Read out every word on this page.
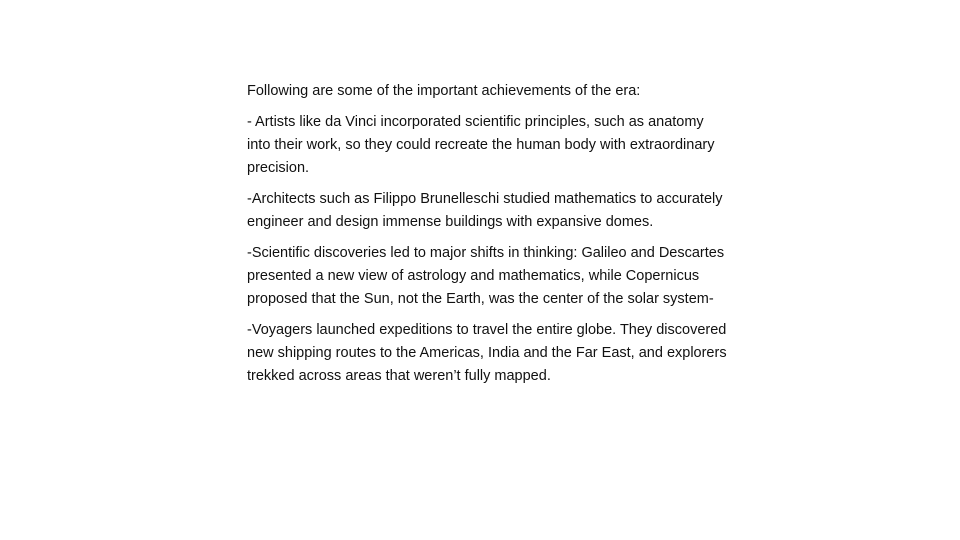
Following are some of the important achievements of the era:

- Artists like da Vinci incorporated scientific principles, such as anatomy into their work, so they could recreate the human body with extraordinary precision.

-Architects such as Filippo Brunelleschi studied mathematics to accurately engineer and design immense buildings with expansive domes.

-Scientific discoveries led to major shifts in thinking: Galileo and Descartes presented a new view of astrology and mathematics, while Copernicus proposed that the Sun, not the Earth, was the center of the solar system-

-Voyagers launched expeditions to travel the entire globe. They discovered new shipping routes to the Americas, India and the Far East, and explorers trekked across areas that weren’t fully mapped.
